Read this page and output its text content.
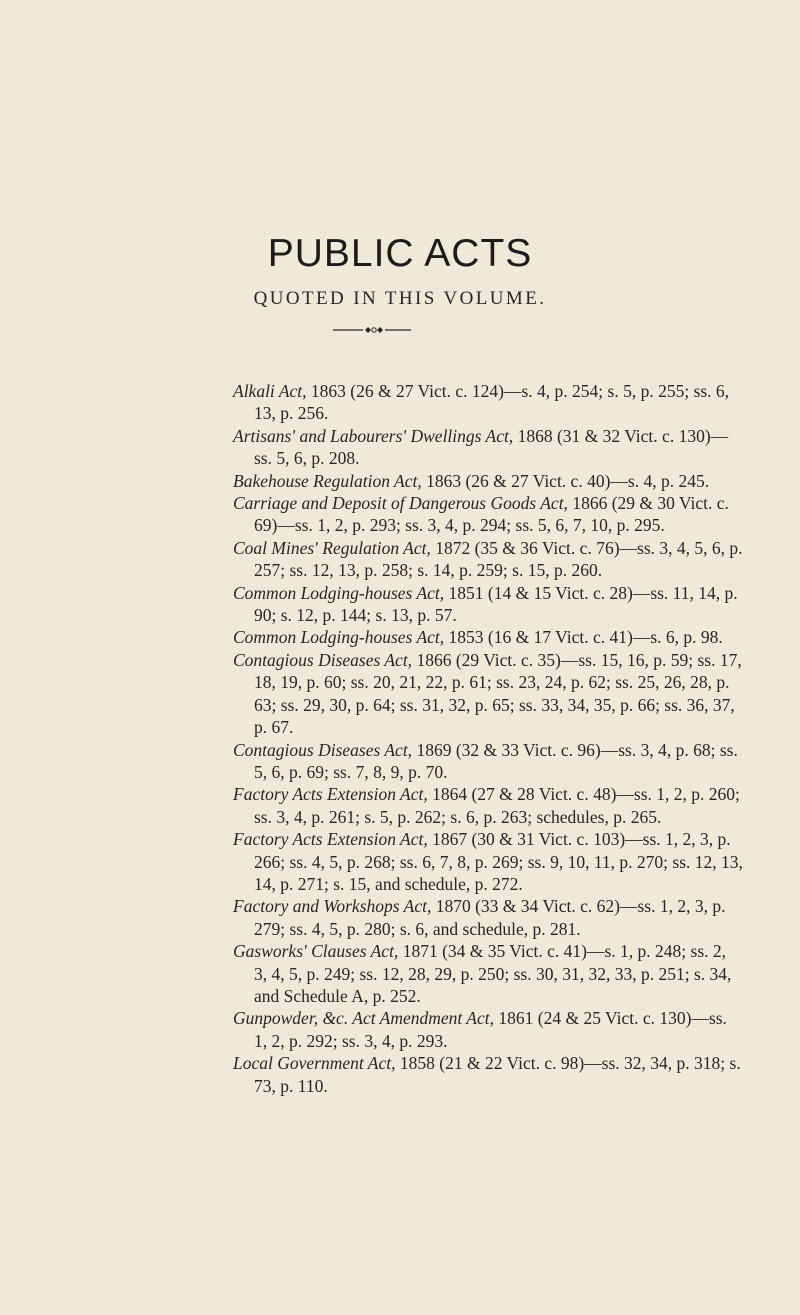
PUBLIC ACTS
QUOTED IN THIS VOLUME.

Alkali Act, 1863 (26 & 27 Vict. c. 124)—s. 4, p. 254; s. 5, p. 255; ss. 6, 13, p. 256.

Artisans' and Labourers' Dwellings Act, 1868 (31 & 32 Vict. c. 130)—ss. 5, 6, p. 208.

Bakehouse Regulation Act, 1863 (26 & 27 Vict. c. 40)—s. 4, p. 245.

Carriage and Deposit of Dangerous Goods Act, 1866 (29 & 30 Vict. c. 69)—ss. 1, 2, p. 293; ss. 3, 4, p. 294; ss. 5, 6, 7, 10, p. 295.

Coal Mines' Regulation Act, 1872 (35 & 36 Vict. c. 76)—ss. 3, 4, 5, 6, p. 257; ss. 12, 13, p. 258; s. 14, p. 259; s. 15, p. 260.

Common Lodging-houses Act, 1851 (14 & 15 Vict. c. 28)—ss. 11, 14, p. 90; s. 12, p. 144; s. 13, p. 57.

Common Lodging-houses Act, 1853 (16 & 17 Vict. c. 41)—s. 6, p. 98.

Contagious Diseases Act, 1866 (29 Vict. c. 35)—ss. 15, 16, p. 59; ss. 17, 18, 19, p. 60; ss. 20, 21, 22, p. 61; ss. 23, 24, p. 62; ss. 25, 26, 28, p. 63; ss. 29, 30, p. 64; ss. 31, 32, p. 65; ss. 33, 34, 35, p. 66; ss. 36, 37, p. 67.

Contagious Diseases Act, 1869 (32 & 33 Vict. c. 96)—ss. 3, 4, p. 68; ss. 5, 6, p. 69; ss. 7, 8, 9, p. 70.

Factory Acts Extension Act, 1864 (27 & 28 Vict. c. 48)—ss. 1, 2, p. 260; ss. 3, 4, p. 261; s. 5, p. 262; s. 6, p. 263; schedules, p. 265.

Factory Acts Extension Act, 1867 (30 & 31 Vict. c. 103)—ss. 1, 2, 3, p. 266; ss. 4, 5, p. 268; ss. 6, 7, 8, p. 269; ss. 9, 10, 11, p. 270; ss. 12, 13, 14, p. 271; s. 15, and schedule, p. 272.

Factory and Workshops Act, 1870 (33 & 34 Vict. c. 62)—ss. 1, 2, 3, p. 279; ss. 4, 5, p. 280; s. 6, and schedule, p. 281.

Gasworks' Clauses Act, 1871 (34 & 35 Vict. c. 41)—s. 1, p. 248; ss. 2, 3, 4, 5, p. 249; ss. 12, 28, 29, p. 250; ss. 30, 31, 32, 33, p. 251; s. 34, and Schedule A, p. 252.

Gunpowder, &c. Act Amendment Act, 1861 (24 & 25 Vict. c. 130)—ss. 1, 2, p. 292; ss. 3, 4, p. 293.

Local Government Act, 1858 (21 & 22 Vict. c. 98)—ss. 32, 34, p. 318; s. 73, p. 110.
